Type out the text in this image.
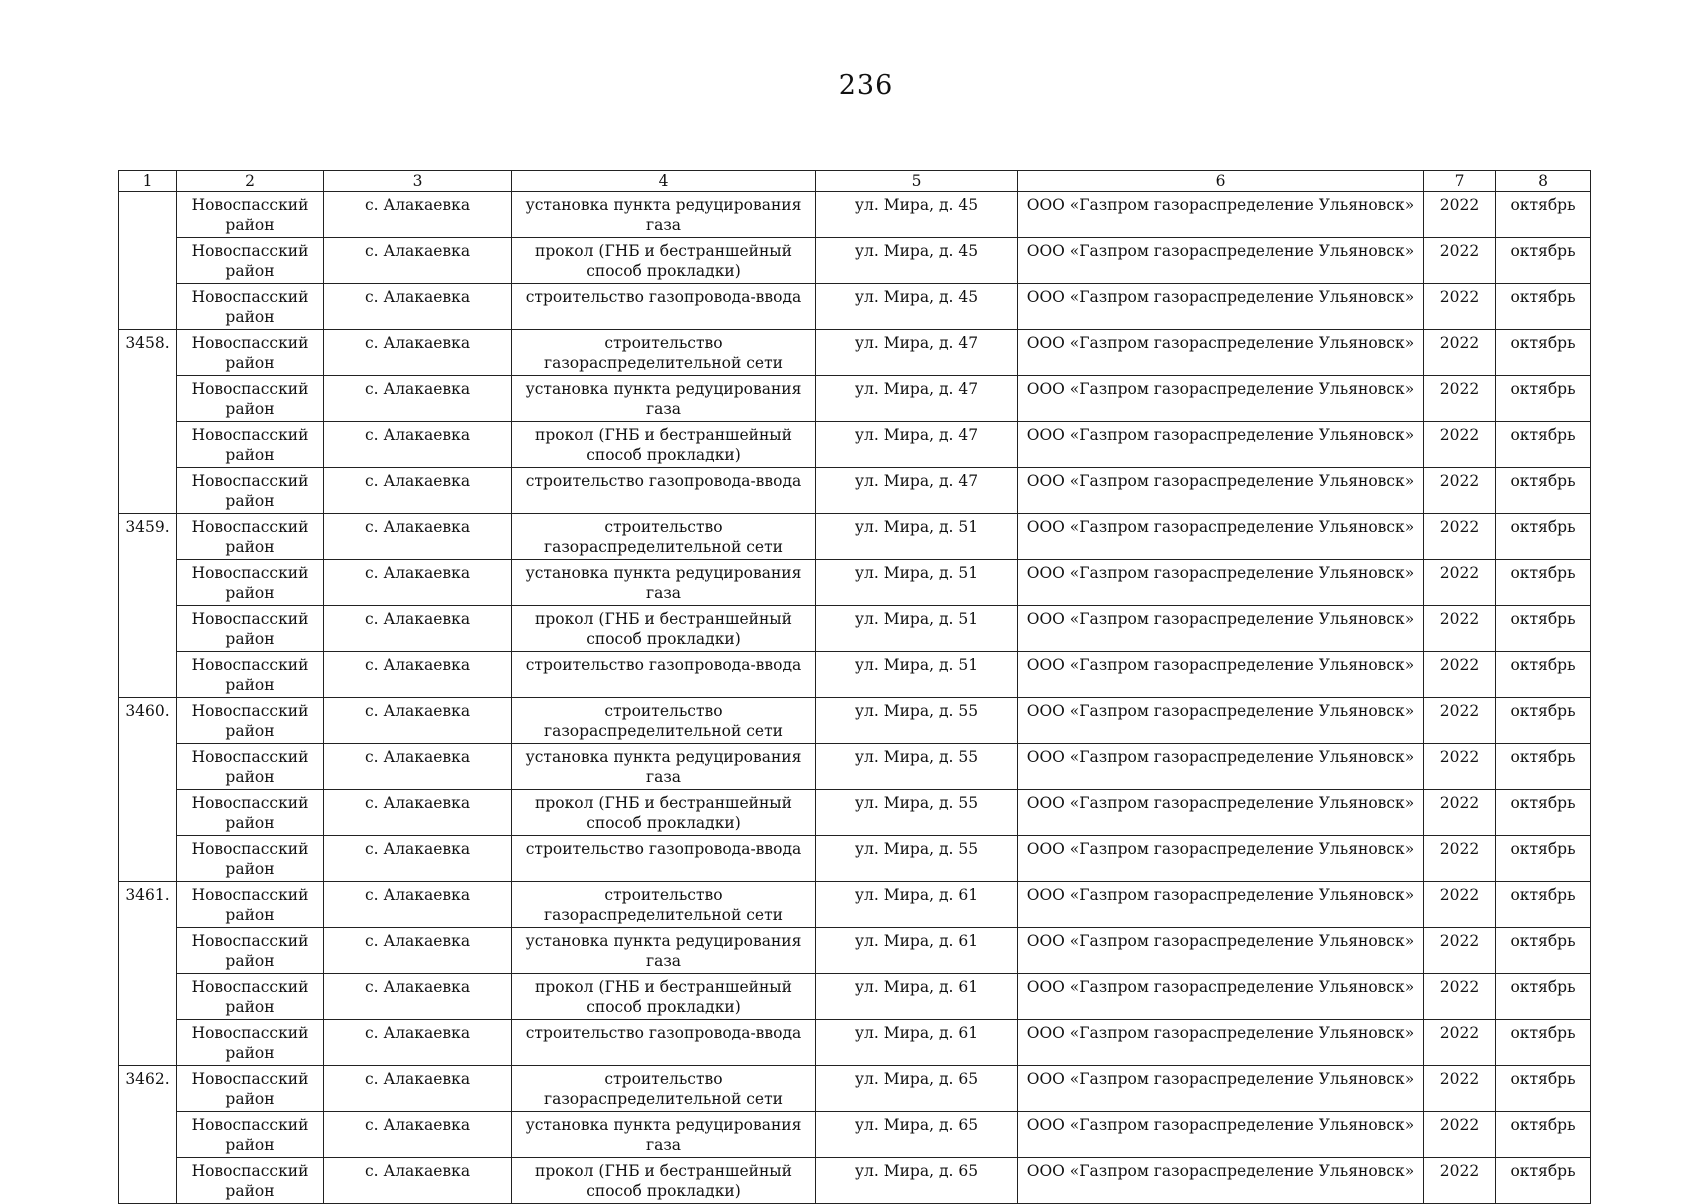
236
1	2	3	4	5	6	7	8
	Новоспасский район	с. Алакаевка	установка пункта редуцирования газа	ул. Мира, д. 45	ООО «Газпром газораспределение Ульяновск»	2022	октябрь
	Новоспасский район	с. Алакаевка	прокол (ГНБ и бестраншейный способ прокладки)	ул. Мира, д. 45	ООО «Газпром газораспределение Ульяновск»	2022	октябрь
	Новоспасский район	с. Алакаевка	строительство газопровода-ввода	ул. Мира, д. 45	ООО «Газпром газораспределение Ульяновск»	2022	октябрь
3458.	Новоспасский район	с. Алакаевка	строительство газораспределительной сети	ул. Мира, д. 47	ООО «Газпром газораспределение Ульяновск»	2022	октябрь
	Новоспасский район	с. Алакаевка	установка пункта редуцирования газа	ул. Мира, д. 47	ООО «Газпром газораспределение Ульяновск»	2022	октябрь
	Новоспасский район	с. Алакаевка	прокол (ГНБ и бестраншейный способ прокладки)	ул. Мира, д. 47	ООО «Газпром газораспределение Ульяновск»	2022	октябрь
	Новоспасский район	с. Алакаевка	строительство газопровода-ввода	ул. Мира, д. 47	ООО «Газпром газораспределение Ульяновск»	2022	октябрь
3459.	Новоспасский район	с. Алакаевка	строительство газораспределительной сети	ул. Мира, д. 51	ООО «Газпром газораспределение Ульяновск»	2022	октябрь
	Новоспасский район	с. Алакаевка	установка пункта редуцирования газа	ул. Мира, д. 51	ООО «Газпром газораспределение Ульяновск»	2022	октябрь
	Новоспасский район	с. Алакаевка	прокол (ГНБ и бестраншейный способ прокладки)	ул. Мира, д. 51	ООО «Газпром газораспределение Ульяновск»	2022	октябрь
	Новоспасский район	с. Алакаевка	строительство газопровода-ввода	ул. Мира, д. 51	ООО «Газпром газораспределение Ульяновск»	2022	октябрь
3460.	Новоспасский район	с. Алакаевка	строительство газораспределительной сети	ул. Мира, д. 55	ООО «Газпром газораспределение Ульяновск»	2022	октябрь
	Новоспасский район	с. Алакаевка	установка пункта редуцирования газа	ул. Мира, д. 55	ООО «Газпром газораспределение Ульяновск»	2022	октябрь
	Новоспасский район	с. Алакаевка	прокол (ГНБ и бестраншейный способ прокладки)	ул. Мира, д. 55	ООО «Газпром газораспределение Ульяновск»	2022	октябрь
	Новоспасский район	с. Алакаевка	строительство газопровода-ввода	ул. Мира, д. 55	ООО «Газпром газораспределение Ульяновск»	2022	октябрь
3461.	Новоспасский район	с. Алакаевка	строительство газораспределительной сети	ул. Мира, д. 61	ООО «Газпром газораспределение Ульяновск»	2022	октябрь
	Новоспасский район	с. Алакаевка	установка пункта редуцирования газа	ул. Мира, д. 61	ООО «Газпром газораспределение Ульяновск»	2022	октябрь
	Новоспасский район	с. Алакаевка	прокол (ГНБ и бестраншейный способ прокладки)	ул. Мира, д. 61	ООО «Газпром газораспределение Ульяновск»	2022	октябрь
	Новоспасский район	с. Алакаевка	строительство газопровода-ввода	ул. Мира, д. 61	ООО «Газпром газораспределение Ульяновск»	2022	октябрь
3462.	Новоспасский район	с. Алакаевка	строительство газораспределительной сети	ул. Мира, д. 65	ООО «Газпром газораспределение Ульяновск»	2022	октябрь
	Новоспасский район	с. Алакаевка	установка пункта редуцирования газа	ул. Мира, д. 65	ООО «Газпром газораспределение Ульяновск»	2022	октябрь
	Новоспасский район	с. Алакаевка	прокол (ГНБ и бестраншейный способ прокладки)	ул. Мира, д. 65	ООО «Газпром газораспределение Ульяновск»	2022	октябрь
